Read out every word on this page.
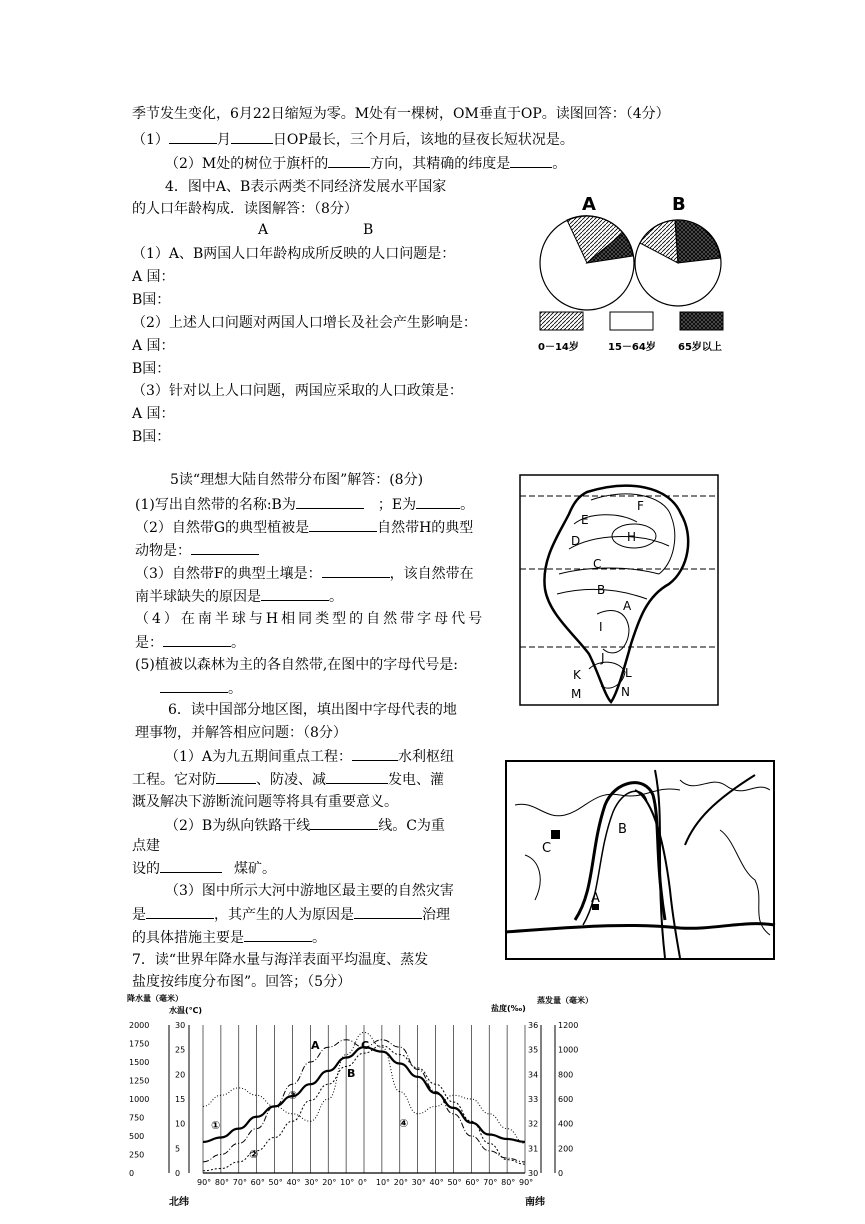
季节发生变化，6月22日缩短为零。M处有一棵树，OM垂直于OP。读图回答：（4分）
（1）	月	日OP最长，三个月后，该地的昼夜长短状况是。
（2）M处的树位于旗杆的	方向，其精确的纬度是	。
4．图中A、B表示两类不同经济发展水平国家
的人口年龄构成．读图解答：（8分）
A	B
（1）A、B两国人口年龄构成所反映的人口问题是：
A 国：
B国：
（2）上述人口问题对两国人口增长及社会产生影响是：
A 国：
B国：
（3）针对以上人口问题，两国应采取的人口政策是：
A 国：
B国：
A	B
0－14岁	15－64岁 65岁以上
5读“理想大陆自然带分布图”解答：(8分)
(1)写出自然带的名称:B为	；E为	。
（2）自然带G的典型植被是	自然带H的典型
动物是：
（3）自然带F的典型土壤是：	，该自然带在
南半球缺失的原因是	。
（4）在南半球与H相同类型的自然带字母代号
是：	。
(5)植被以森林为主的各自然带,在图中的字母代号是:
。
F
E
D	H
C
B
A
I
J
K	L
M	N
6．读中国部分地区图，填出图中字母代表的地
理事物，并解答相应问题：（8分）
（1）A为九五期间重点工程：	水利枢纽
工程。它对防	、防凌、减	发电、灌
溉及解决下游断流问题等将具有重要意义。
（2）B为纵向铁路干线	线。C为重
点建
设的	煤矿。
（3）图中所示大河中游地区最主要的自然灾害
是	，其产生的人为原因是	治理
的具体措施主要是	。
B
C
A
7．读“世界年降水量与海洋表面平均温度、蒸发
盐度按纬度分布图”。回答；（5分）
降水量（毫米）
水温(℃)	盐度(‰)
蒸发量（毫米）
90° 80° 70° 60° 50° 40° 30° 20° 10° 0° 10° 20° 30° 40° 50° 60° 70° 80° 90°
0
250
500
750
1000
1250
1500
1750
2000
0
5
10
15
20
25
30
30
31
32
33
34
35
36
0
200
400
600
800
1000
1200
北纬	南纬
A
B
C
①
②
③
④
